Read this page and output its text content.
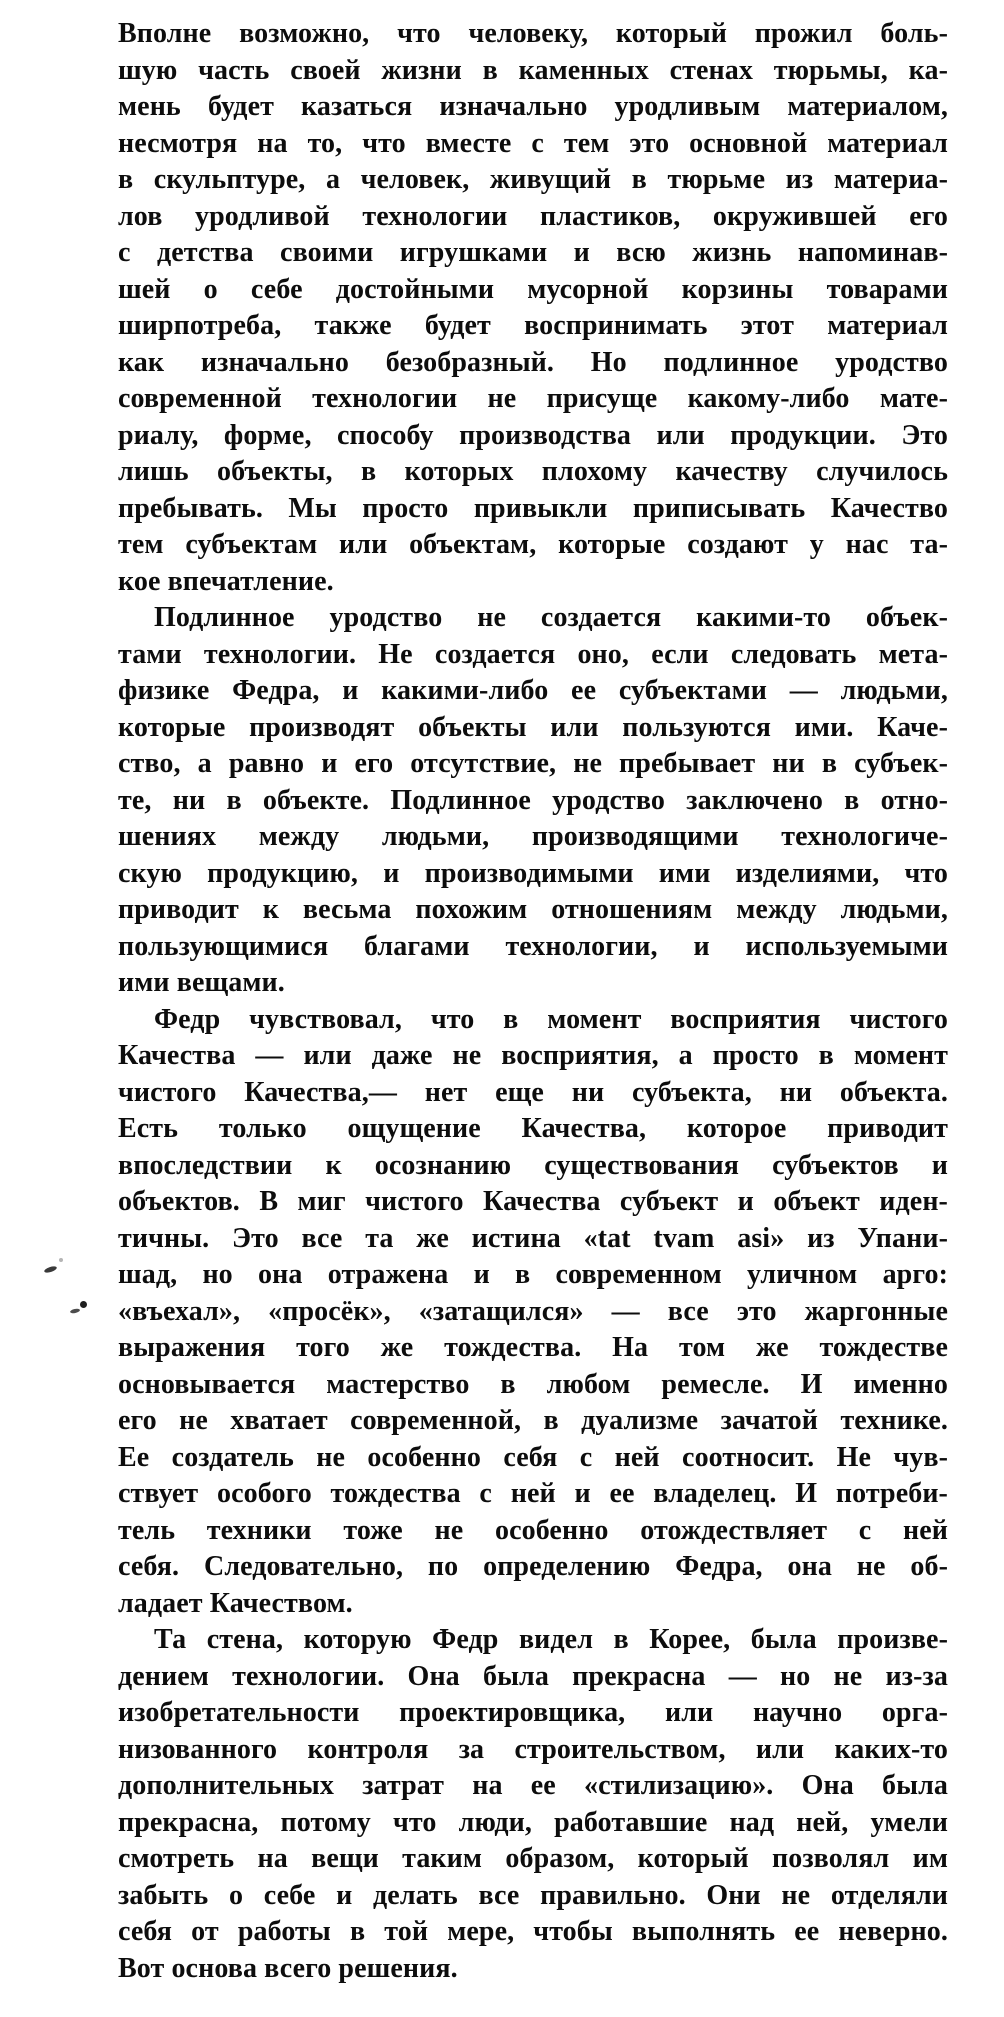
Вполне возможно, что человеку, который прожил боль-
шую часть своей жизни в каменных стенах тюрьмы, ка-
мень будет казаться изначально уродливым материалом,
несмотря на то, что вместе с тем это основной материал
в скульптуре, а человек, живущий в тюрьме из материа-
лов уродливой технологии пластиков, окружившей его
с детства своими игрушками и всю жизнь напоминав-
шей о себе достойными мусорной корзины товарами
ширпотреба, также будет воспринимать этот материал
как изначально безобразный. Но подлинное уродство
современной технологии не присуще какому-либо мате-
риалу, форме, способу производства или продукции. Это
лишь объекты, в которых плохому качеству случилось
пребывать. Мы просто привыкли приписывать Качество
тем субъектам или объектам, которые создают у нас та-
кое впечатление.
Подлинное уродство не создается какими-то объек-
тами технологии. Не создается оно, если следовать мета-
физике Федра, и какими-либо ее субъектами — людьми,
которые производят объекты или пользуются ими. Каче-
ство, а равно и его отсутствие, не пребывает ни в субъек-
те, ни в объекте. Подлинное уродство заключено в отно-
шениях между людьми, производящими технологиче-
скую продукцию, и производимыми ими изделиями, что
приводит к весьма похожим отношениям между людьми,
пользующимися благами технологии, и используемыми
ими вещами.
Федр чувствовал, что в момент восприятия чистого
Качества — или даже не восприятия, а просто в момент
чистого Качества,— нет еще ни субъекта, ни объекта.
Есть только ощущение Качества, которое приводит
впоследствии к осознанию существования субъектов и
объектов. В миг чистого Качества субъект и объект иден-
тичны. Это все та же истина «tat tvam asi» из Упани-
шад, но она отражена и в современном уличном арго:
«въехал», «просёк», «затащился» — все это жаргонные
выражения того же тождества. На том же тождестве
основывается мастерство в любом ремесле. И именно
его не хватает современной, в дуализме зачатой технике.
Ее создатель не особенно себя с ней соотносит. Не чув-
ствует особого тождества с ней и ее владелец. И потреби-
тель техники тоже не особенно отождествляет с ней
себя. Следовательно, по определению Федра, она не об-
ладает Качеством.
Та стена, которую Федр видел в Корее, была произве-
дением технологии. Она была прекрасна — но не из-за
изобретательности проектировщика, или научно орга-
низованного контроля за строительством, или каких-то
дополнительных затрат на ее «стилизацию». Она была
прекрасна, потому что люди, работавшие над ней, умели
смотреть на вещи таким образом, который позволял им
забыть о себе и делать все правильно. Они не отделяли
себя от работы в той мере, чтобы выполнять ее неверно.
Вот основа всего решения.
